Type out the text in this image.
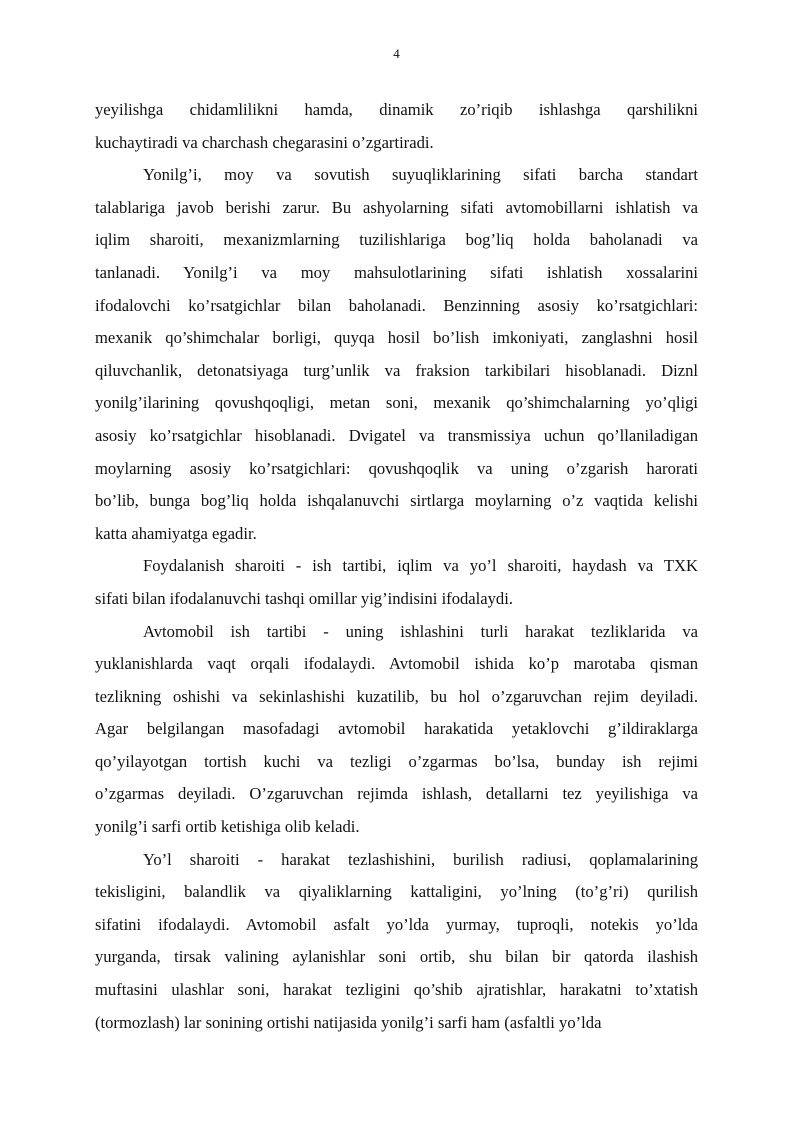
4
yeyilishga chidamlilikni hamda, dinamik zo’riqib ishlashga qarshilikni
kuchaytiradi va charchash chegarasini o’zgartiradi.
Yonilg’i, moy va sovutish suyuqliklarining sifati barcha standart
talablariga javob berishi zarur. Bu ashyolarning sifati avtomobillarni ishlatish va
iqlim sharoiti, mexanizmlarning tuzilishlariga bog’liq holda baholanadi va
tanlanadi. Yonilg’i va moy mahsulotlarining sifati ishlatish xossalarini
ifodalovchi ko’rsatgichlar bilan baholanadi. Benzinning asosiy ko’rsatgichlari:
mexanik qo’shimchalar borligi, quyqa hosil bo’lish imkoniyati, zanglashni hosil
qiluvchanlik, detonatsiyaga turg’unlik va fraksion tarkibilari hisoblanadi. Diznl
yonilg’ilarining qovushqoqligi, metan soni, mexanik qo’shimchalarning yo’qligi
asosiy ko’rsatgichlar hisoblanadi. Dvigatel va transmissiya uchun qo’llaniladigan
moylarning asosiy ko’rsatgichlari: qovushqoqlik va uning o’zgarish harorati
bo’lib, bunga bog’liq holda ishqalanuvchi sirtlarga moylarning o’z vaqtida kelishi
katta ahamiyatga egadir.
Foydalanish sharoiti - ish tartibi, iqlim va yo’l sharoiti, haydash va TXK
sifati bilan ifodalanuvchi tashqi omillar yig’indisini ifodalaydi.
Avtomobil ish tartibi - uning ishlashini turli harakat tezliklarida va
yuklanishlarda vaqt orqali ifodalaydi. Avtomobil ishida ko’p marotaba qisman
tezlikning oshishi va sekinlashishi kuzatilib, bu hol o’zgaruvchan rejim deyiladi.
Agar belgilangan masofadagi avtomobil harakatida yetaklovchi g’ildiraklarga
qo’yilayotgan tortish kuchi va tezligi o’zgarmas bo’lsa, bunday ish rejimi
o’zgarmas deyiladi. O’zgaruvchan rejimda ishlash, detallarni tez yeyilishiga va
yonilg’i sarfi ortib ketishiga olib keladi.
Yo’l sharoiti - harakat tezlashishini, burilish radiusi, qoplamalarining
tekisligini, balandlik va qiyaliklarning kattaligini, yo’lning (to’g’ri) qurilish
sifatini ifodalaydi. Avtomobil asfalt yo’lda yurmay, tuproqli, notekis yo’lda
yurganda, tirsak valining aylanishlar soni ortib, shu bilan bir qatorda ilashish
muftasini ulashlar soni, harakat tezligini qo’shib ajratishlar, harakatni to’xtatish
(tormozlash) lar sonining ortishi natijasida yonilg’i sarfi ham (asfaltli yo’lda
